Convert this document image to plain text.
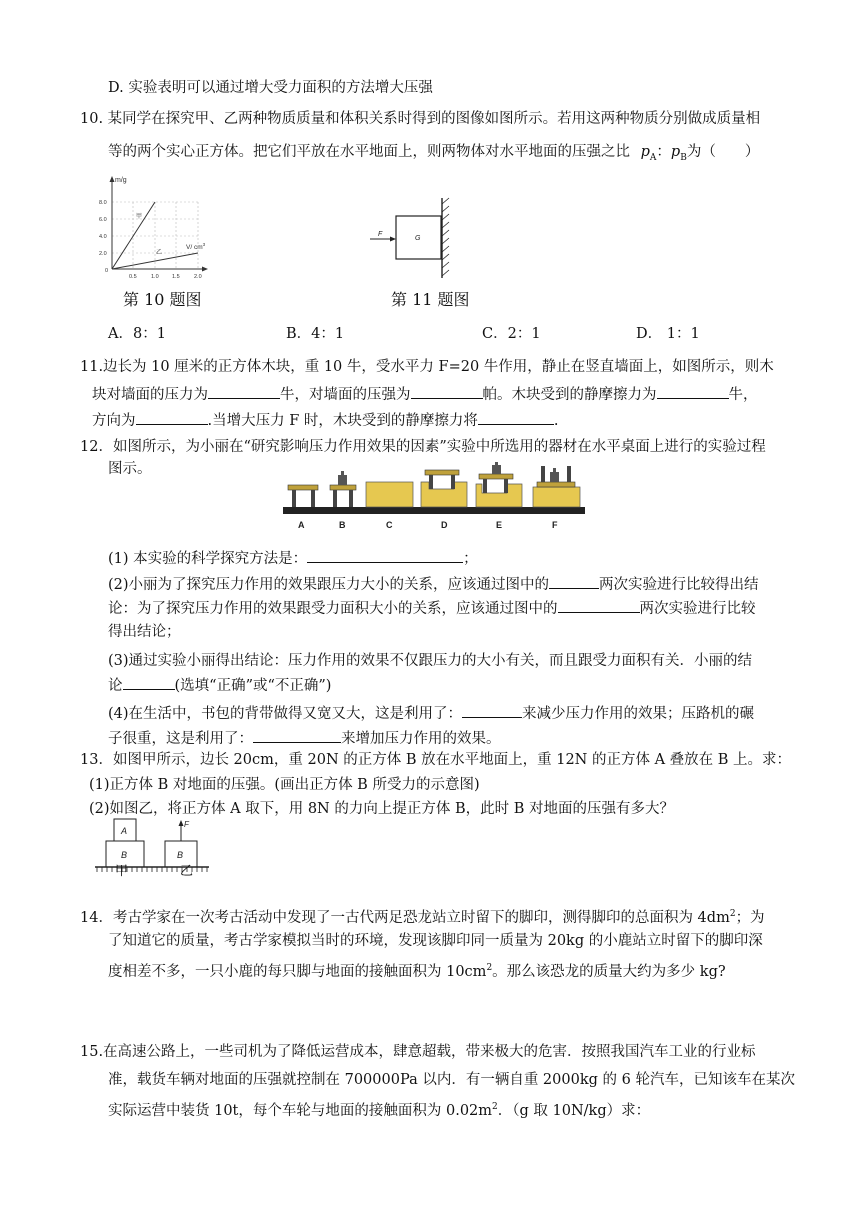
D. 实验表明可以通过增大受力面积的方法增大压强
10. 某同学在探究甲、乙两种物质质量和体积关系时得到的图像如图所示。若用这两种物质分别做成质量相
等的两个实心正方体。把它们平放在水平地面上，则两物体对水平地面的压强之比 $p_A$：$p_B$为（　　）
m/g
V/ $cm^3$
8.0
6.0
4.0
2.0
0
0.5	1.0 1.5	2.0
甲
乙
F
G
第 10 题图	第 11 题图
A．8：1	B．4：1	C．2：1	D． 1：1
11.边长为 10 厘米的正方体木块，重 10 牛，受水平力 F=20 牛作用，静止在竖直墙面上，如图所示，则木
块对墙面的压力为	牛，对墙面的压强为	帕。木块受到的静摩擦力为	牛，
方向为	.当增大压力 F 时，木块受到的静摩擦力将	.
12．如图所示，为小丽在“研究影响压力作用效果的因素”实验中所选用的器材在水平桌面上进行的实验过程
图示。
A	B	C	D	E	F
(1) 本实验的科学探究方法是：	；
(2)小丽为了探究压力作用的效果跟压力大小的关系，应该通过图中的	两次实验进行比较得出结
论：为了探究压力作用的效果跟受力面积大小的关系，应该通过图中的	两次实验进行比较
得出结论；
(3)通过实验小丽得出结论：压力作用的效果不仅跟压力的大小有关，而且跟受力面积有关．小丽的结
论	(选填“正确”或“不正确”)
(4)在生活中，书包的背带做得又宽又大，这是利用了：	来减少压力作用的效果；压路机的碾
子很重，这是利用了：	来增加压力作用的效果。
13．如图甲所示，边长 20cm，重 20N 的正方体 B 放在水平地面上，重 12N 的正方体 A 叠放在 B 上。求：
(1)正方体 B 对地面的压强。(画出正方体 B 所受力的示意图)
(2)如图乙，将正方体 A 取下，用 8N 的力向上提正方体 B，此时 B 对地面的压强有多大？
A
B	B
F
甲	乙
14．考古学家在一次考古活动中发现了一古代两足恐龙站立时留下的脚印，测得脚印的总面积为 $4dm^2$；为
了知道它的质量，考古学家模拟当时的环境，发现该脚印同一质量为 20kg 的小鹿站立时留下的脚印深
度相差不多，一只小鹿的每只脚与地面的接触面积为 $10cm^2$。那么该恐龙的质量大约为多少 kg?
15.在高速公路上，一些司机为了降低运营成本，肆意超载，带来极大的危害．按照我国汽车工业的行业标
准，载货车辆对地面的压强就控制在 700000Pa 以内．有一辆自重 2000kg 的 6 轮汽车，已知该车在某次
实际运营中装货 10t，每个车轮与地面的接触面积为 $0.02m^2$．（g 取 10N/kg）求：
